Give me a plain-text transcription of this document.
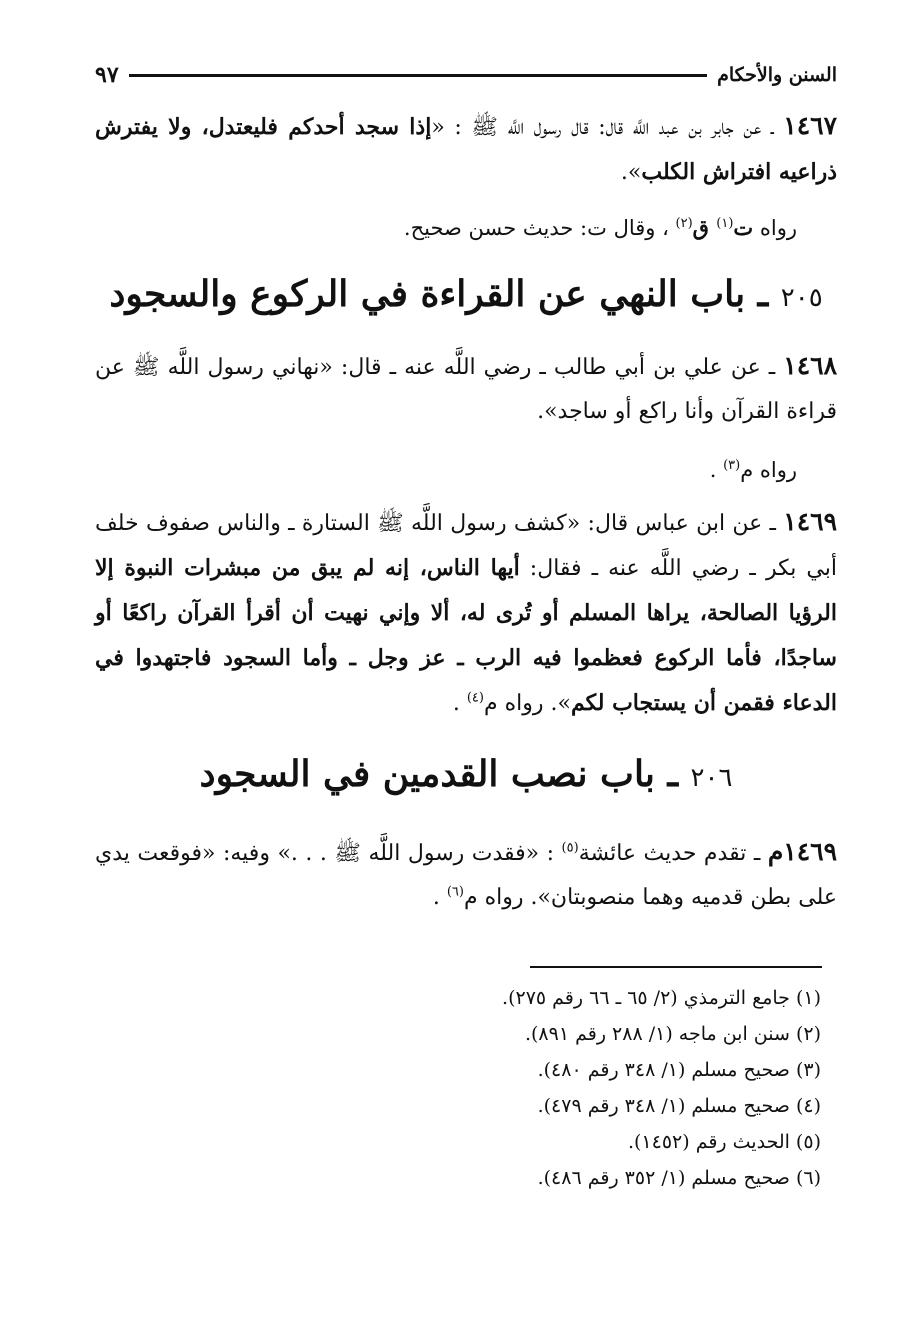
السنن والأحكام
٩٧
١٤٦٧ ـ عن جابر بن عبد اللَّه قال: قال رسول اللَّه ﷺ : «إذا سجد أحدكم فليعتدل، ولا يفترش ذراعيه افتراش الكلب».
رواه ت$^{(١)}$ ق$^{(٢)}$ ، وقال ت: حديث حسن صحيح.
٢٠٥ ـ باب النهي عن القراءة في الركوع والسجود
١٤٦٨ ـ عن علي بن أبي طالب ـ رضي اللَّه عنه ـ قال: «نهاني رسول اللَّه ﷺ عن قراءة القرآن وأنا راكع أو ساجد».
رواه م$^{(٣)}$ .
١٤٦٩ ـ عن ابن عباس قال: «كشف رسول اللَّه ﷺ الستارة ـ والناس صفوف خلف أبي بكر ـ رضي اللَّه عنه ـ فقال: أيها الناس، إنه لم يبق من مبشرات النبوة إلا الرؤيا الصالحة، يراها المسلم أو تُرى له، ألا وإني نهيت أن أقرأ القرآن راكعًا أو ساجدًا، فأما الركوع فعظموا فيه الرب ـ عز وجل ـ وأما السجود فاجتهدوا في الدعاء فقمن أن يستجاب لكم». رواه م$^{(٤)}$ .
٢٠٦ ـ باب نصب القدمين في السجود
١٤٦٩م ـ تقدم حديث عائشة$^{(٥)}$ : «فقدت رسول اللَّه ﷺ . . .» وفيه: «فوقعت يدي على بطن قدميه وهما منصوبتان». رواه م$^{(٦)}$ .
(١) جامع الترمذي (٢/ ٦٥ ـ ٦٦ رقم ٢٧٥).
(٢) سنن ابن ماجه (١/ ٢٨٨ رقم ٨٩١).
(٣) صحيح مسلم (١/ ٣٤٨ رقم ٤٨٠).
(٤) صحيح مسلم (١/ ٣٤٨ رقم ٤٧٩).
(٥) الحديث رقم (١٤٥٢).
(٦) صحيح مسلم (١/ ٣٥٢ رقم ٤٨٦).
